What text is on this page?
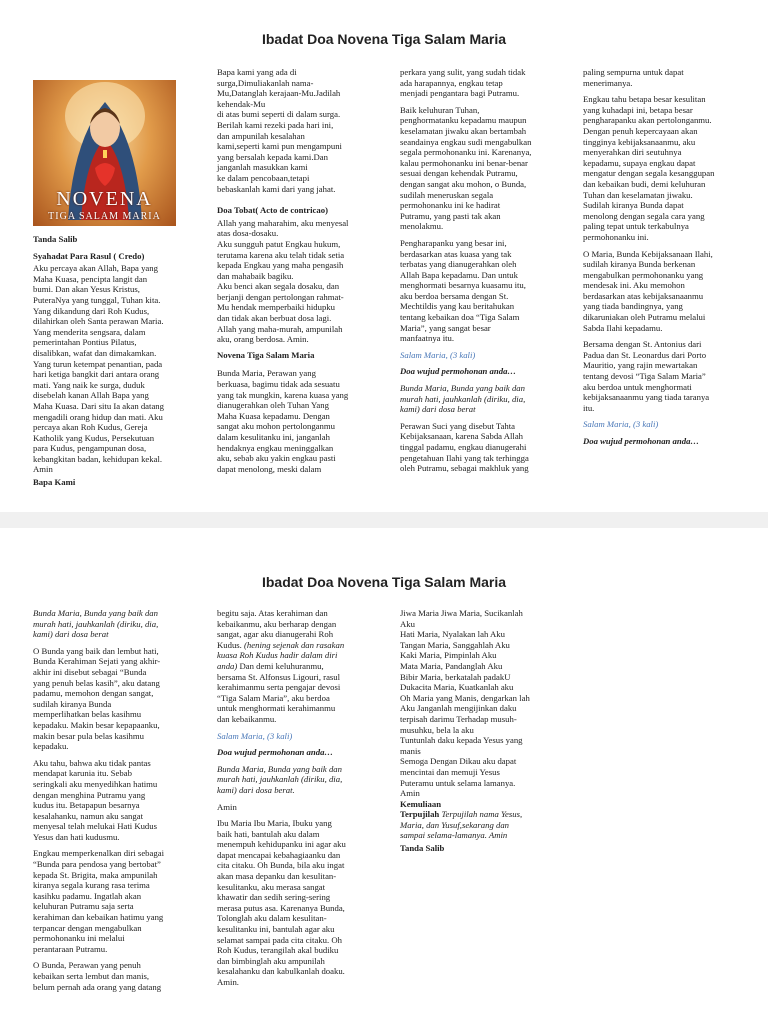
Ibadat Doa Novena Tiga Salam Maria
NOVENA
TIGA SALAM MARIA

Tanda Salib

Syahadat Para Rasul ( Credo)

Aku percaya akan Allah, Bapa yang
Maha Kuasa, pencipta langit dan
bumi. Dan akan Yesus Kristus,
PuteraNya yang tunggal, Tuhan kita.
Yang dikandung dari Roh Kudus,
dilahirkan oleh Santa perawan Maria.
Yang menderita sengsara, dalam
pemerintahan Pontius Pilatus,
disalibkan, wafat dan dimakamkan.
Yang turun ketempat penantian, pada
hari ketiga bangkit dari antara orang
mati. Yang naik ke surga, duduk
disebelah kanan Allah Bapa yang
Maha Kuasa. Dari situ Ia akan datang
mengadili orang hidup dan mati. Aku
percaya akan Roh Kudus, Gereja
Katholik yang Kudus, Persekutuan
para Kudus, pengampunan dosa,
kebangkitan badan, kehidupan kekal.
Amin

Bapa Kami

Bapa kami yang ada di
surga,Dimuliakanlah nama-
Mu,Datanglah kerajaan-Mu.Jadilah
kehendak-Mu
di atas bumi seperti di dalam surga.
Berilah kami rezeki pada hari ini,
dan ampunilah kesalahan
kami,seperti kami pun mengampuni
yang bersalah kepada kami.Dan
janganlah masukkan kami
ke dalam pencobaan,tetapi
bebaskanlah kami dari yang jahat.

Doa Tobat( Acto de contricao)

Allah yang maharahim, aku menyesal
atas dosa-dosaku.
Aku sungguh patut Engkau hukum,
terutama karena aku telah tidak setia
kepada Engkau yang maha pengasih
dan mahabaik bagiku.
Aku benci akan segala dosaku, dan
berjanji dengan pertolongan rahmat-
Mu hendak memperbaiki hidupku
dan tidak akan berbuat dosa lagi.
Allah yang maha-murah, ampunilah
aku, orang berdosa. Amin.

Novena Tiga Salam Maria

Bunda Maria, Perawan yang
berkuasa, bagimu tidak ada sesuatu
yang tak mungkin, karena kuasa yang
dianugerahkan oleh Tuhan Yang
Maha Kuasa kepadamu. Dengan
sangat aku mohon pertolonganmu
dalam kesulitanku ini, janganlah
hendaknya engkau meninggalkan
aku, sebab aku yakin engkau pasti
dapat menolong, meski dalam

perkara yang sulit, yang sudah tidak
ada harapannya, engkau tetap
menjadi pengantara bagi Putramu.

Baik keluhuran Tuhan,
penghormatanku kepadamu maupun
keselamatan jiwaku akan bertambah
seandainya engkau sudi mengabulkan
segala permohonanku ini. Karenanya,
kalau permohonanku ini benar-benar
sesuai dengan kehendak Putramu,
dengan sangat aku mohon, o Bunda,
sudilah meneruskan segala
permohonanku ini ke hadirat
Putramu, yang pasti tak akan
menolakmu.

Pengharapanku yang besar ini,
berdasarkan atas kuasa yang tak
terbatas yang dianugerahkan oleh
Allah Bapa kepadamu. Dan untuk
menghormati besarnya kuasamu itu,
aku berdoa bersama dengan St.
Mechtildis yang kau beritahukan
tentang kebaikan doa “Tiga Salam
Maria”, yang sangat besar
manfaatnya itu.

Salam Maria, (3 kali)

Doa wujud permohonan anda…

Bunda Maria, Bunda yang baik dan
murah hati, jauhkanlah (diriku, dia,
kami) dari dosa berat

Perawan Suci yang disebut Tahta
Kebijaksanaan, karena Sabda Allah
tinggal padamu, engkau dianugerahi
pengetahuan Ilahi yang tak terhingga
oleh Putramu, sebagai makhluk yang

paling sempurna untuk dapat
menerimanya.

Engkau tahu betapa besar kesulitan
yang kuhadapi ini, betapa besar
pengharapanku akan pertolonganmu.
Dengan penuh kepercayaan akan
tingginya kebijaksanaanmu, aku
menyerahkan diri seutuhnya
kepadamu, supaya engkau dapat
mengatur dengan segala kesanggupan
dan kebaikan budi, demi keluhuran
Tuhan dan keselamatan jiwaku.
Sudilah kiranya Bunda dapat
menolong dengan segala cara yang
paling tepat untuk terkabulnya
permohonanku ini.

O Maria, Bunda Kebijaksanaan Ilahi,
sudilah kiranya Bunda berkenan
mengabulkan permohonanku yang
mendesak ini. Aku memohon
berdasarkan atas kebijaksanaanmu
yang tiada bandingnya, yang
dikaruniakan oleh Putramu melalui
Sabda Ilahi kepadamu.

Bersama dengan St. Antonius dari
Padua dan St. Leonardus dari Porto
Mauritio, yang rajin mewartakan
tentang devosi “Tiga Salam Maria”
aku berdoa untuk menghormati
kebijaksanaanmu yang tiada taranya
itu.

Salam Maria, (3 kali)

Doa wujud permohonan anda…

Ibadat Doa Novena Tiga Salam Maria

Bunda Maria, Bunda yang baik dan
murah hati, jauhkanlah (diriku, dia,
kami) dari dosa berat

O Bunda yang baik dan lembut hati,
Bunda Kerahiman Sejati yang akhir-
akhir ini disebut sebagai “Bunda
yang penuh belas kasih”, aku datang
padamu, memohon dengan sangat,
sudilah kiranya Bunda
memperlihatkan belas kasihmu
kepadaku. Makin besar kepapaanku,
makin besar pula belas kasihmu
kepadaku.

Aku tahu, bahwa aku tidak pantas
mendapat karunia itu. Sebab
seringkali aku menyedihkan hatimu
dengan menghina Putramu yang
kudus itu. Betapapun besarnya
kesalahanku, namun aku sangat
menyesal telah melukai Hati Kudus
Yesus dan hati kudusmu.

Engkau memperkenalkan diri sebagai
“Bunda para pendosa yang bertobat”
kepada St. Brigita, maka ampunilah
kiranya segala kurang rasa terima
kasihku padamu. Ingatlah akan
keluhuran Putramu saja serta
kerahiman dan kebaikan hatimu yang
terpancar dengan mengabulkan
permohonanku ini melalui
perantaraan Putramu.

O Bunda, Perawan yang penuh
kebaikan serta lembut dan manis,
belum pernah ada orang yang datang

begitu saja. Atas kerahiman dan
kebaikanmu, aku berharap dengan
sangat, agar aku dianugerahi Roh
Kudus. (hening sejenak dan rasakan
kuasa Roh Kudus hadir dalam diri
anda) Dan demi keluhuranmu,
bersama St. Alfonsus Ligouri, rasul
kerahimanmu serta pengajar devosi
“Tiga Salam Maria”, aku berdoa
untuk menghormati kerahimanmu
dan kebaikanmu.

Salam Maria, (3 kali)

Doa wujud permohonan anda…

Bunda Maria, Bunda yang baik dan
murah hati, jauhkanlah (diriku, dia,
kami) dari dosa berat.

Amin

Ibu Maria Ibu Maria, Ibuku yang
baik hati, bantulah aku dalam
menempuh kehidupanku ini agar aku
dapat mencapai kebahagiaanku dan
cita citaku. Oh Bunda, bila aku ingat
akan masa depanku dan kesulitan-
kesulitanku, aku merasa sangat
khawatir dan sedih sering-sering
merasa putus asa. Karenanya Bunda,
Tolonglah aku dalam kesulitan-
kesulitanku ini, bantulah agar aku
selamat sampai pada cita citaku. Oh
Roh Kudus, terangilah akal budiku
dan bimbinglah aku ampunilah
kesalahanku dan kabulkanlah doaku.
Amin.

Jiwa Maria Jiwa Maria, Sucikanlah
Aku
Hati Maria, Nyalakan lah Aku
Tangan Maria, Sanggahlah Aku
Kaki Maria, Pimpinlah Aku
Mata Maria, Pandanglah Aku
Bibir Maria, berkatalah padakU
Dukacita Maria, Kuatkanlah aku
Oh Maria yang Manis, dengarkan lah
Aku Janganlah mengijinkan daku
terpisah darimu Terhadap musuh-
musuhku, bela la aku
Tuntunlah daku kepada Yesus yang
manis
Semoga Dengan Dikau aku dapat
mencintai dan memuji Yesus
Puteramu untuk selama lamanya.
Amin

Kemuliaan

Terpujilah Terpujilah nama Yesus,
Maria, dan Yusuf,sekarang dan
sampai selama-lamanya. Amin

Tanda Salib
